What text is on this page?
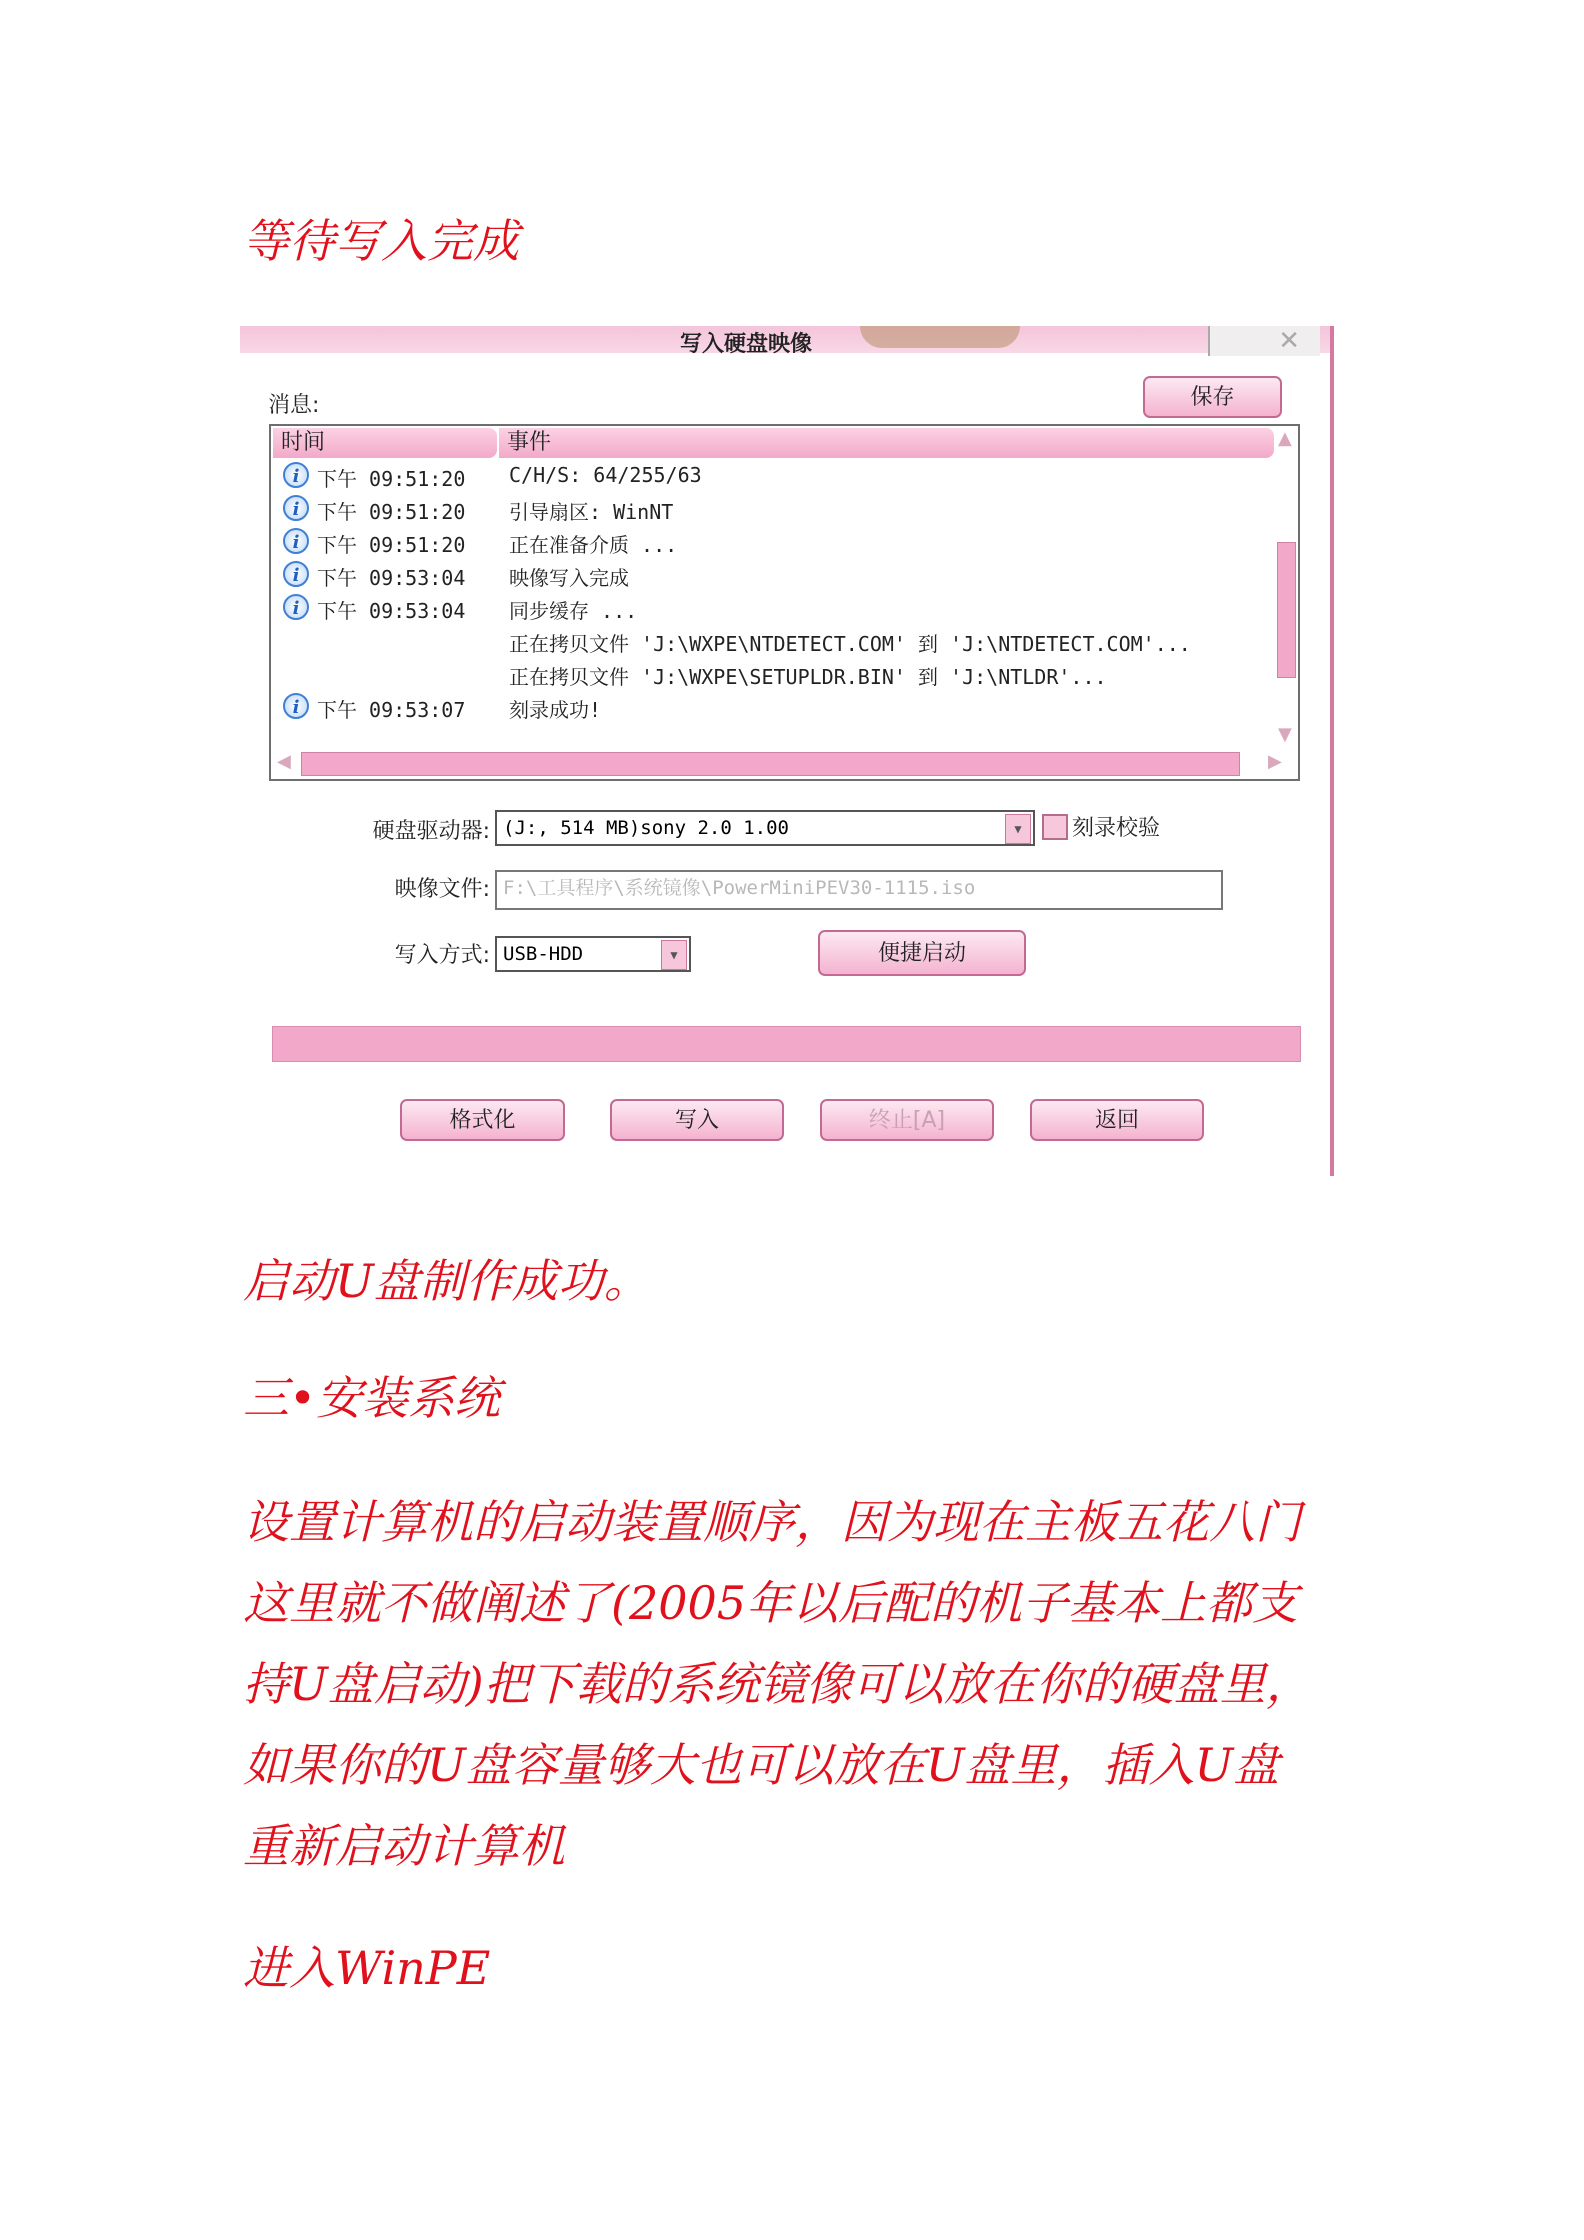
等待写入完成
写入硬盘映像	✕
消息:	保存
时间	事件
i 下午 09:51:20 C/H/S: 64/255/63
i 下午 09:51:20 引导扇区: WinNT
i 下午 09:51:20 正在准备介质 ...
i 下午 09:53:04 映像写入完成
i 下午 09:53:04 同步缓存 ...
正在拷贝文件 'J:\WXPE\NTDETECT.COM' 到 'J:\NTDETECT.COM'...
正在拷贝文件 'J:\WXPE\SETUPLDR.BIN' 到 'J:\NTLDR'...
i 下午 09:53:07 刻录成功!
▲
▼
◀	▶
硬盘驱动器: (J:, 514 MB)sony 2.0 1.00	▼	刻录校验
映像文件: F:\工具程序\系统镜像\PowerMiniPEV30-1115.iso
写入方式: USB-HDD	▼	便捷启动
格式化	写入	终止[A]	返回
启动U盘制作成功。
三•安装系统
设置计算机的启动装置顺序，因为现在主板五花八门
这里就不做阐述了(2005年以后配的机子基本上都支
持U盘启动)把下载的系统镜像可以放在你的硬盘里，
如果你的U盘容量够大也可以放在U盘里，插入U盘
重新启动计算机
进入WinPE
